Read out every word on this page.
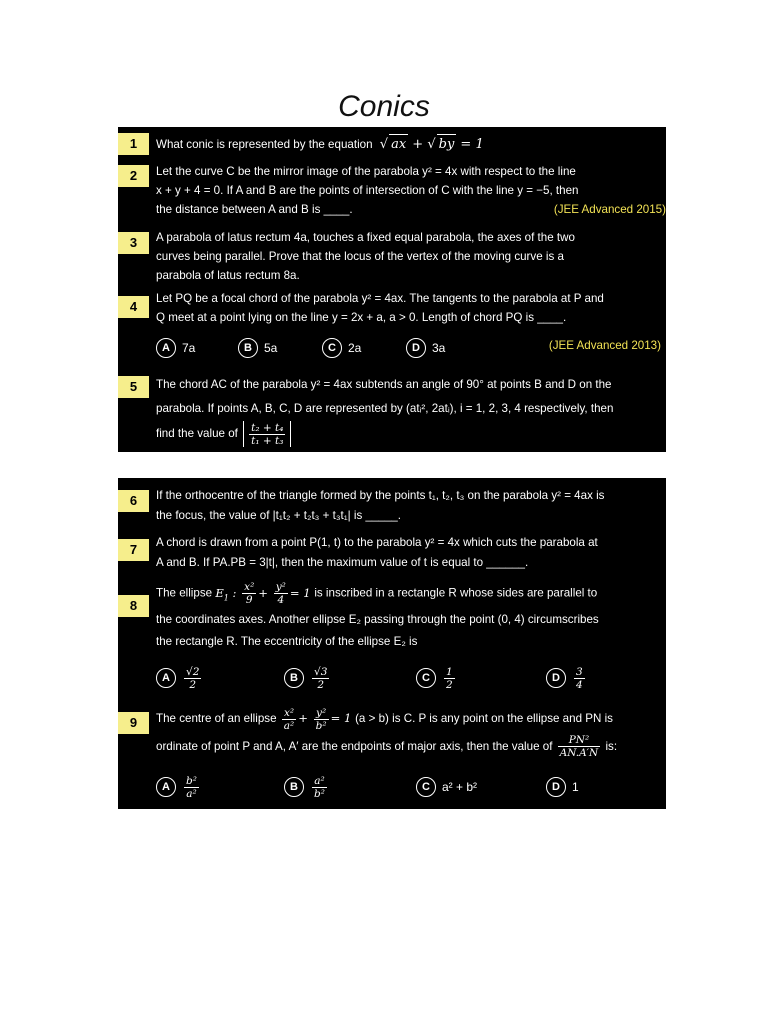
Conics
1	What conic is represented by the equation √ ax + √ by = 1
2	Let the curve C be the mirror image of the parabola y² = 4x with respect to the line
x + y + 4 = 0. If A and B are the points of intersection of C with the line y = −5, then
the distance between A and B is ____.	(JEE Advanced 2015)
3	A parabola of latus rectum 4a, touches a fixed equal parabola, the axes of the two
curves being parallel. Prove that the locus of the vertex of the moving curve is a
parabola of latus rectum 8a.
4
Let PQ be a focal chord of the parabola y² = 4ax. The tangents to the parabola at P and
Q meet at a point lying on the line y = 2x + a, a > 0. Length of chord PQ is ____.
A	7a	B	5a	C	2a	D	3a	(JEE Advanced 2013)
5	The chord AC of the parabola y² = 4ax subtends an angle of 90° at points B and D on the
parabola. If points A, B, C, D are represented by (atᵢ², 2atᵢ), i = 1, 2, 3, 4 respectively, then
find the value of $\frac{\text{t₂ + t₄}}{\text{t₁ + t₃}}$
6	If the orthocentre of the triangle formed by the points t₁, t₂, t₃ on the parabola y² = 4ax is
the focus, the value of |t₁t₂ + t₂t₃ + t₃t₁| is _____.
7	A chord is drawn from a point P(1, t) to the parabola y² = 4x which cuts the parabola at
A and B. If PA.PB = 3|t|, then the maximum value of t is equal to ______.
8
The ellipse $E_1$ : $\frac{\text{x²}}{9} + \frac{\text{y²}}{4} = 1$ is inscribed in a rectangle R whose sides are parallel to
the coordinates axes. Another ellipse E₂ passing through the point (0, 4) circumscribes
the rectangle R. The eccentricity of the ellipse E₂ is
A	$\frac{√2}{2}$	B	$\frac{√3}{2}$	C	$\frac{1}{2}$	D	$\frac{3}{4}$
9	The centre of an ellipse $\frac{\text{x²}}{\text{a²}} + \frac{\text{y²}}{\text{b²}} = 1$ (a > b) is C. P is any point on the ellipse and PN is
ordinate of point P and A, A′ are the endpoints of major axis, then the value of $\frac{\text{PN²}}{AN.A'N}$ is:
A	$\frac{\text{b²}}{\text{a²}}$	B	$\frac{\text{a²}}{\text{b²}}$	C	a² + b²	D	1
